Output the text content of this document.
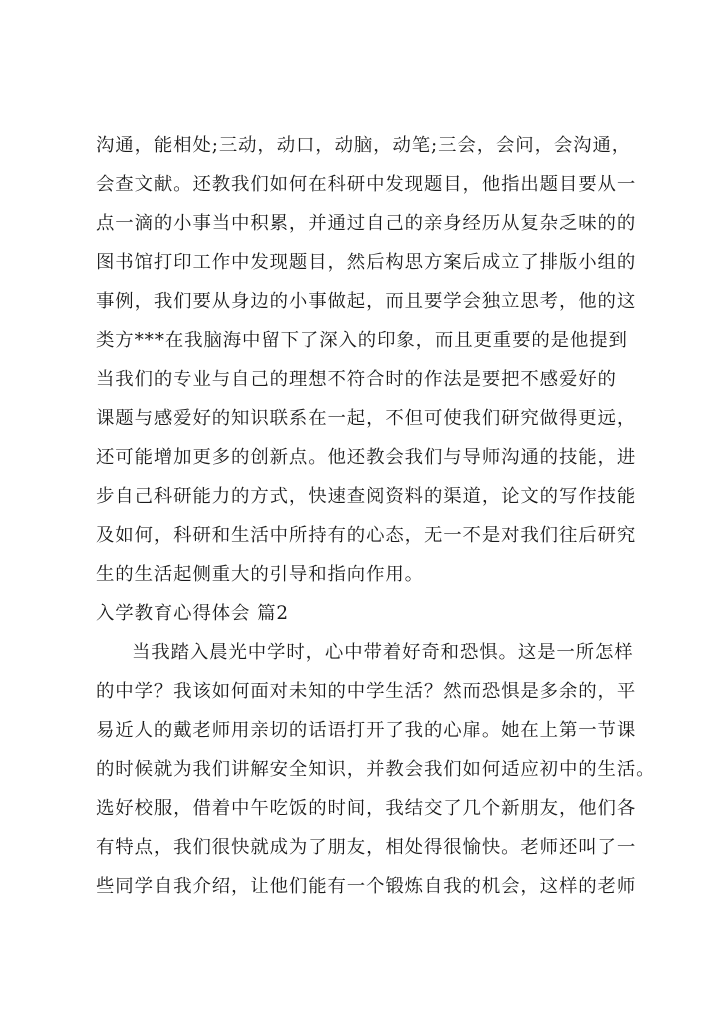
沟通，能相处;三动，动口，动脑，动笔;三会，会问，会沟通，
会查文献。还教我们如何在科研中发现题目，他指出题目要从一
点一滴的小事当中积累，并通过自己的亲身经历从复杂乏味的的
图书馆打印工作中发现题目，然后构思方案后成立了排版小组的
事例，我们要从身边的小事做起，而且要学会独立思考，他的这
类方***在我脑海中留下了深入的印象，而且更重要的是他提到
当我们的专业与自己的理想不符合时的作法是要把不感爱好的
课题与感爱好的知识联系在一起，不但可使我们研究做得更远，
还可能增加更多的创新点。他还教会我们与导师沟通的技能，进
步自己科研能力的方式，快速查阅资料的渠道，论文的写作技能
及如何，科研和生活中所持有的心态，无一不是对我们往后研究
生的生活起侧重大的引导和指向作用。
入学教育心得体会 篇2
当我踏入晨光中学时，心中带着好奇和恐惧。这是一所怎样
的中学？我该如何面对未知的中学生活？然而恐惧是多余的，平
易近人的戴老师用亲切的话语打开了我的心扉。她在上第一节课
的时候就为我们讲解安全知识，并教会我们如何适应初中的生活。
选好校服，借着中午吃饭的时间，我结交了几个新朋友，他们各
有特点，我们很快就成为了朋友，相处得很愉快。老师还叫了一
些同学自我介绍，让他们能有一个锻炼自我的机会，这样的老师
